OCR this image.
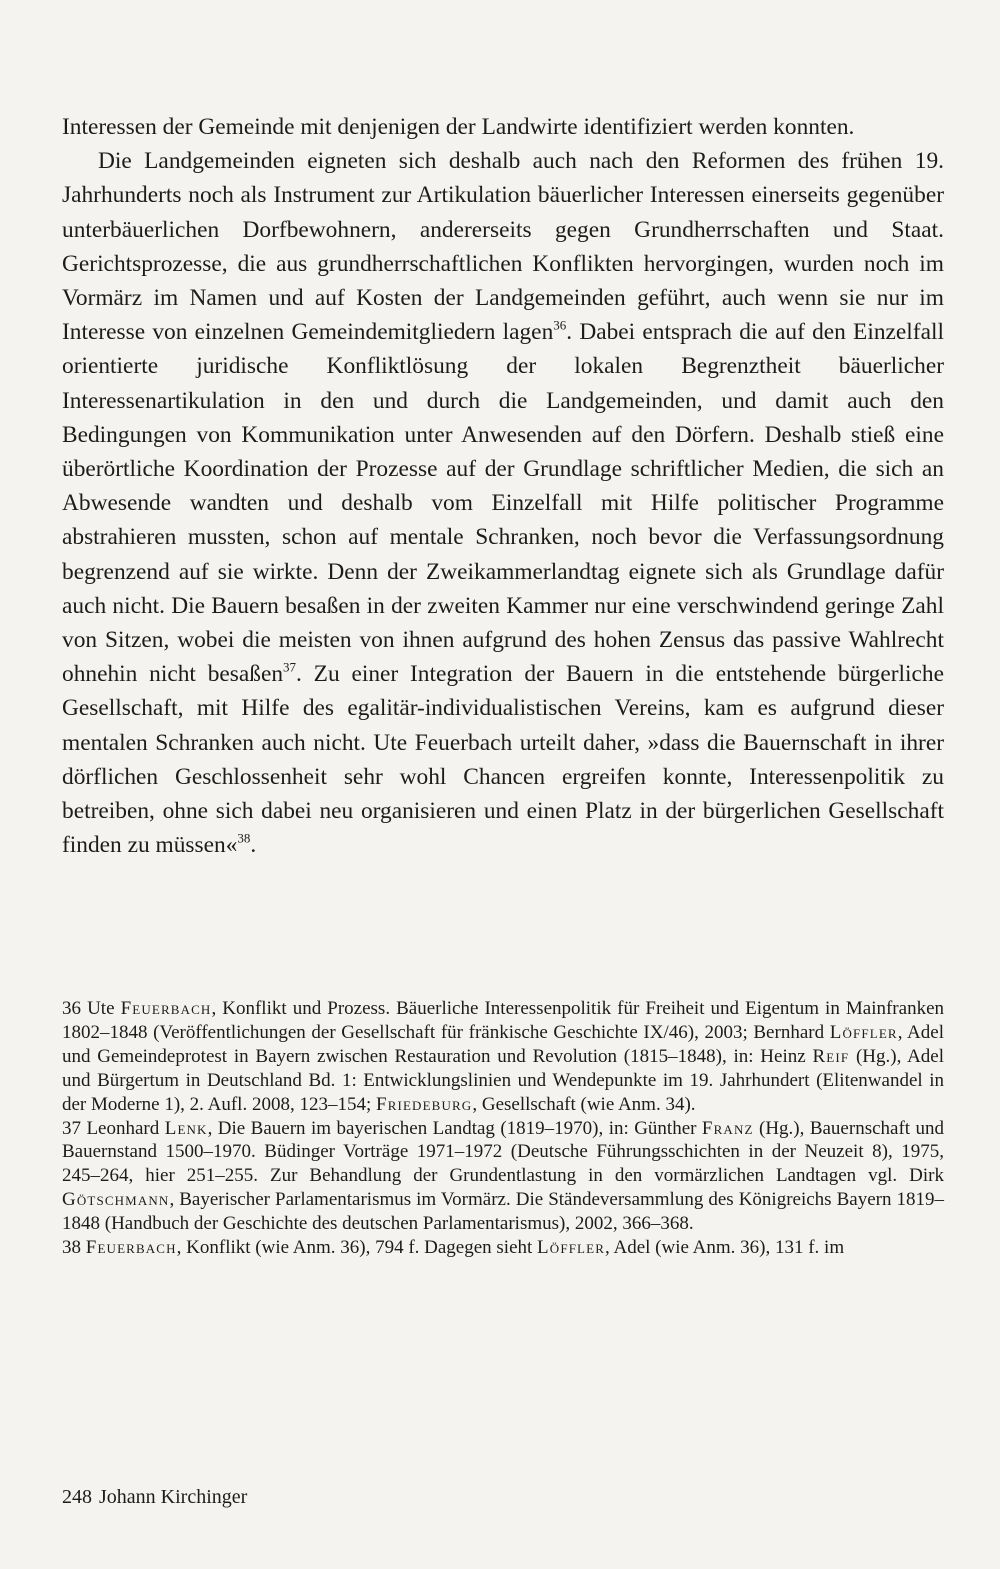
Interessen der Gemeinde mit denjenigen der Landwirte identifiziert werden konnten.

Die Landgemeinden eigneten sich deshalb auch nach den Reformen des frühen 19. Jahrhunderts noch als Instrument zur Artikulation bäuerlicher Interessen einerseits gegenüber unterbäuerlichen Dorfbewohnern, andererseits gegen Grundherrschaften und Staat. Gerichtsprozesse, die aus grundherrschaftlichen Konflikten hervorgingen, wurden noch im Vormärz im Namen und auf Kosten der Landgemeinden geführt, auch wenn sie nur im Interesse von einzelnen Gemeindemitgliedern lagen$^{36}$. Dabei entsprach die auf den Einzelfall orientierte juridische Konfliktlösung der lokalen Begrenztheit bäuerlicher Interessenartikulation in den und durch die Landgemeinden, und damit auch den Bedingungen von Kommunikation unter Anwesenden auf den Dörfern. Deshalb stieß eine überörtliche Koordination der Prozesse auf der Grundlage schriftlicher Medien, die sich an Abwesende wandten und deshalb vom Einzelfall mit Hilfe politischer Programme abstrahieren mussten, schon auf mentale Schranken, noch bevor die Verfassungsordnung begrenzend auf sie wirkte. Denn der Zweikammerlandtag eignete sich als Grundlage dafür auch nicht. Die Bauern besaßen in der zweiten Kammer nur eine verschwindend geringe Zahl von Sitzen, wobei die meisten von ihnen aufgrund des hohen Zensus das passive Wahlrecht ohnehin nicht besaßen$^{37}$. Zu einer Integration der Bauern in die entstehende bürgerliche Gesellschaft, mit Hilfe des egalitär-individualistischen Vereins, kam es aufgrund dieser mentalen Schranken auch nicht. Ute Feuerbach urteilt daher, »dass die Bauernschaft in ihrer dörflichen Geschlossenheit sehr wohl Chancen ergreifen konnte, Interessenpolitik zu betreiben, ohne sich dabei neu organisieren und einen Platz in der bürgerlichen Gesellschaft finden zu müssen«$^{38}$.

36 Ute Feuerbach, Konflikt und Prozess. Bäuerliche Interessenpolitik für Freiheit und Eigentum in Mainfranken 1802–1848 (Veröffentlichungen der Gesellschaft für fränkische Geschichte IX/46), 2003; Bernhard Löffler, Adel und Gemeindeprotest in Bayern zwischen Restauration und Revolution (1815–1848), in: Heinz Reif (Hg.), Adel und Bürgertum in Deutschland Bd. 1: Entwicklungslinien und Wendepunkte im 19. Jahrhundert (Elitenwandel in der Moderne 1), 2. Aufl. 2008, 123–154; Friedeburg, Gesellschaft (wie Anm. 34).

37 Leonhard Lenk, Die Bauern im bayerischen Landtag (1819–1970), in: Günther Franz (Hg.), Bauernschaft und Bauernstand 1500–1970. Büdinger Vorträge 1971–1972 (Deutsche Führungsschichten in der Neuzeit 8), 1975, 245–264, hier 251–255. Zur Behandlung der Grundentlastung in den vormärzlichen Landtagen vgl. Dirk Götschmann, Bayerischer Parlamentarismus im Vormärz. Die Ständeversammlung des Königreichs Bayern 1819–1848 (Handbuch der Geschichte des deutschen Parlamentarismus), 2002, 366–368.

38 Feuerbach, Konflikt (wie Anm. 36), 794 f. Dagegen sieht Löffler, Adel (wie Anm. 36), 131 f. im

248 Johann Kirchinger
